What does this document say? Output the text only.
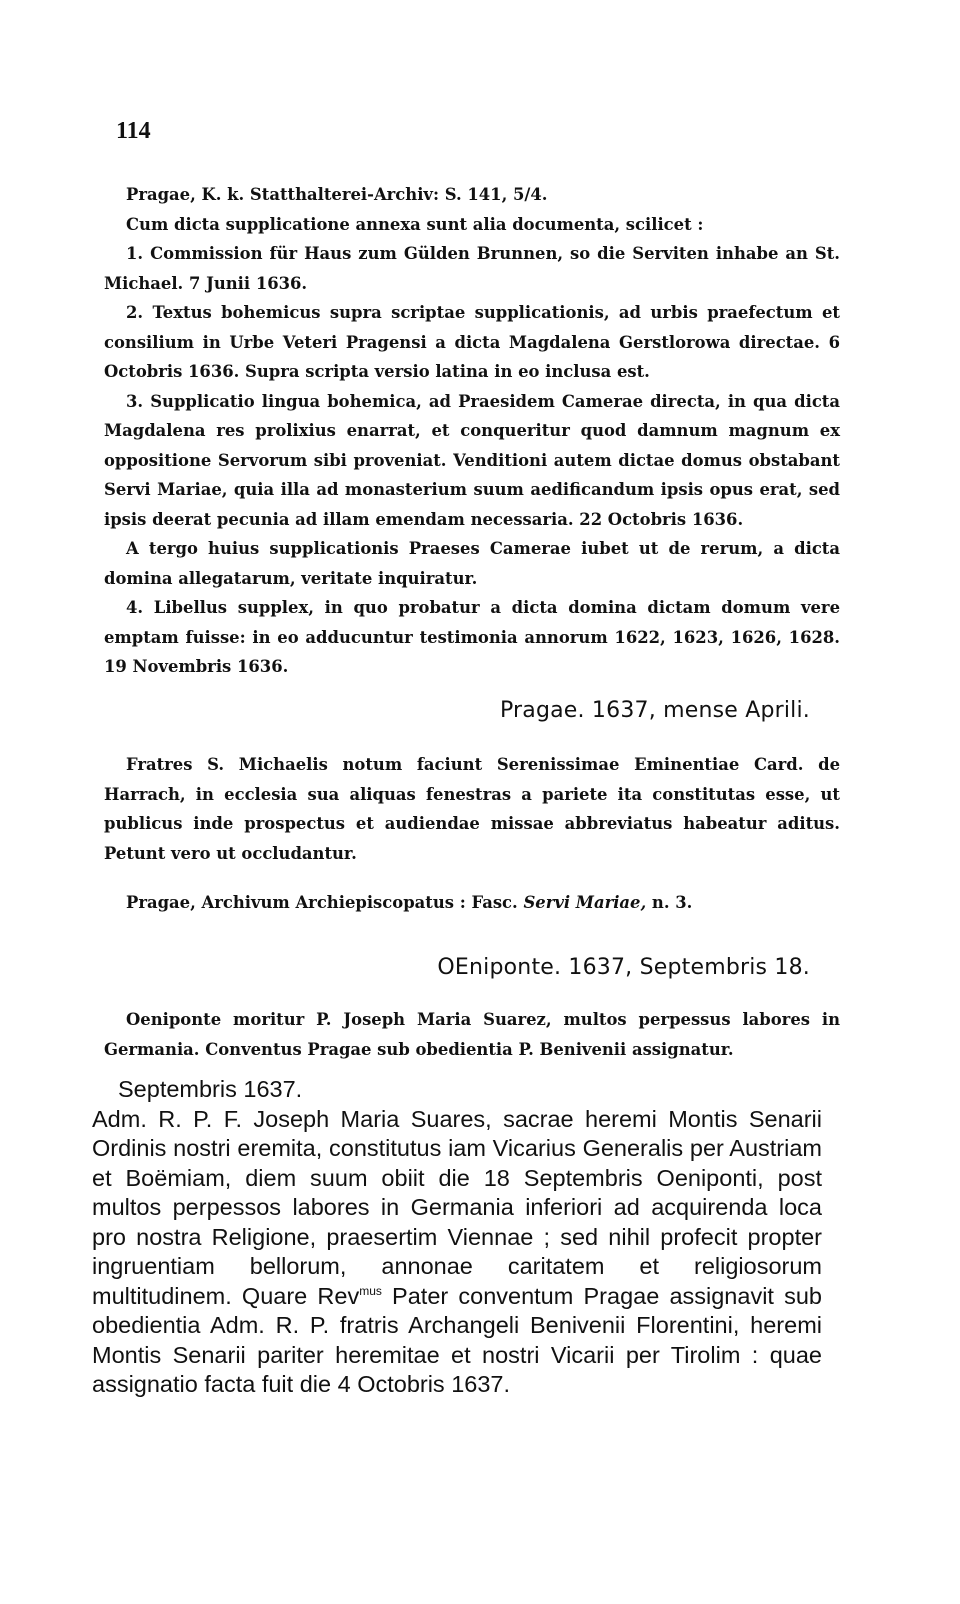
114

Pragae, K. k. Statthalterei-Archiv: S. 141, 5/4.

Cum dicta supplicatione annexa sunt alia documenta, scilicet :

1. Commission für Haus zum Gülden Brunnen, so die Serviten inhabe an St. Michael. 7 Junii 1636.

2. Textus bohemicus supra scriptae supplicationis, ad urbis praefectum et consilium in Urbe Veteri Pragensi a dicta Magdalena Gerstlorowa directae. 6 Octobris 1636. Supra scripta versio latina in eo inclusa est.

3. Supplicatio lingua bohemica, ad Praesidem Camerae directa, in qua dicta Magdalena res prolixius enarrat, et conqueritur quod damnum magnum ex oppositione Servorum sibi proveniat. Venditioni autem dictae domus obstabant Servi Mariae, quia illa ad monasterium suum aedificandum ipsis opus erat, sed ipsis deerat pecunia ad illam emendam necessaria. 22 Octobris 1636.

A tergo huius supplicationis Praeses Camerae iubet ut de rerum, a dicta domina allegatarum, veritate inquiratur.

4. Libellus supplex, in quo probatur a dicta domina dictam domum vere emptam fuisse: in eo adducuntur testimonia annorum 1622, 1623, 1626, 1628. 19 Novembris 1636.

Pragae. 1637, mense Aprili.

Fratres S. Michaelis notum faciunt Serenissimae Eminentiae Card. de Harrach, in ecclesia sua aliquas fenestras a pariete ita constitutas esse, ut publicus inde prospectus et audiendae missae abbreviatus habeatur aditus. Petunt vero ut occludantur.

Pragae, Archivum Archiepiscopatus : Fasc. Servi Mariae, n. 3.

OEniponte. 1637, Septembris 18.

Oeniponte moritur P. Joseph Maria Suarez, multos perpessus labores in Germania. Conventus Pragae sub obedientia P. Benivenii assignatur.

Septembris 1637.

Adm. R. P. F. Joseph Maria Suares, sacrae heremi Montis Senarii Ordinis nostri eremita, constitutus iam Vicarius Generalis per Austriam et Boëmiam, diem suum obiit die 18 Septembris Oeniponti, post multos perpessos labores in Germania inferiori ad acquirenda loca pro nostra Religione, praesertim Viennae ; sed nihil profecit propter ingruentiam bellorum, annonae caritatem et religiosorum multitudinem. Quare Rev$^{mus}$ Pater conventum Pragae assignavit sub obedientia Adm. R. P. fratris Archangeli Benivenii Florentini, heremi Montis Senarii pariter heremitae et nostri Vicarii per Tirolim : quae assignatio facta fuit die 4 Octobris 1637.
